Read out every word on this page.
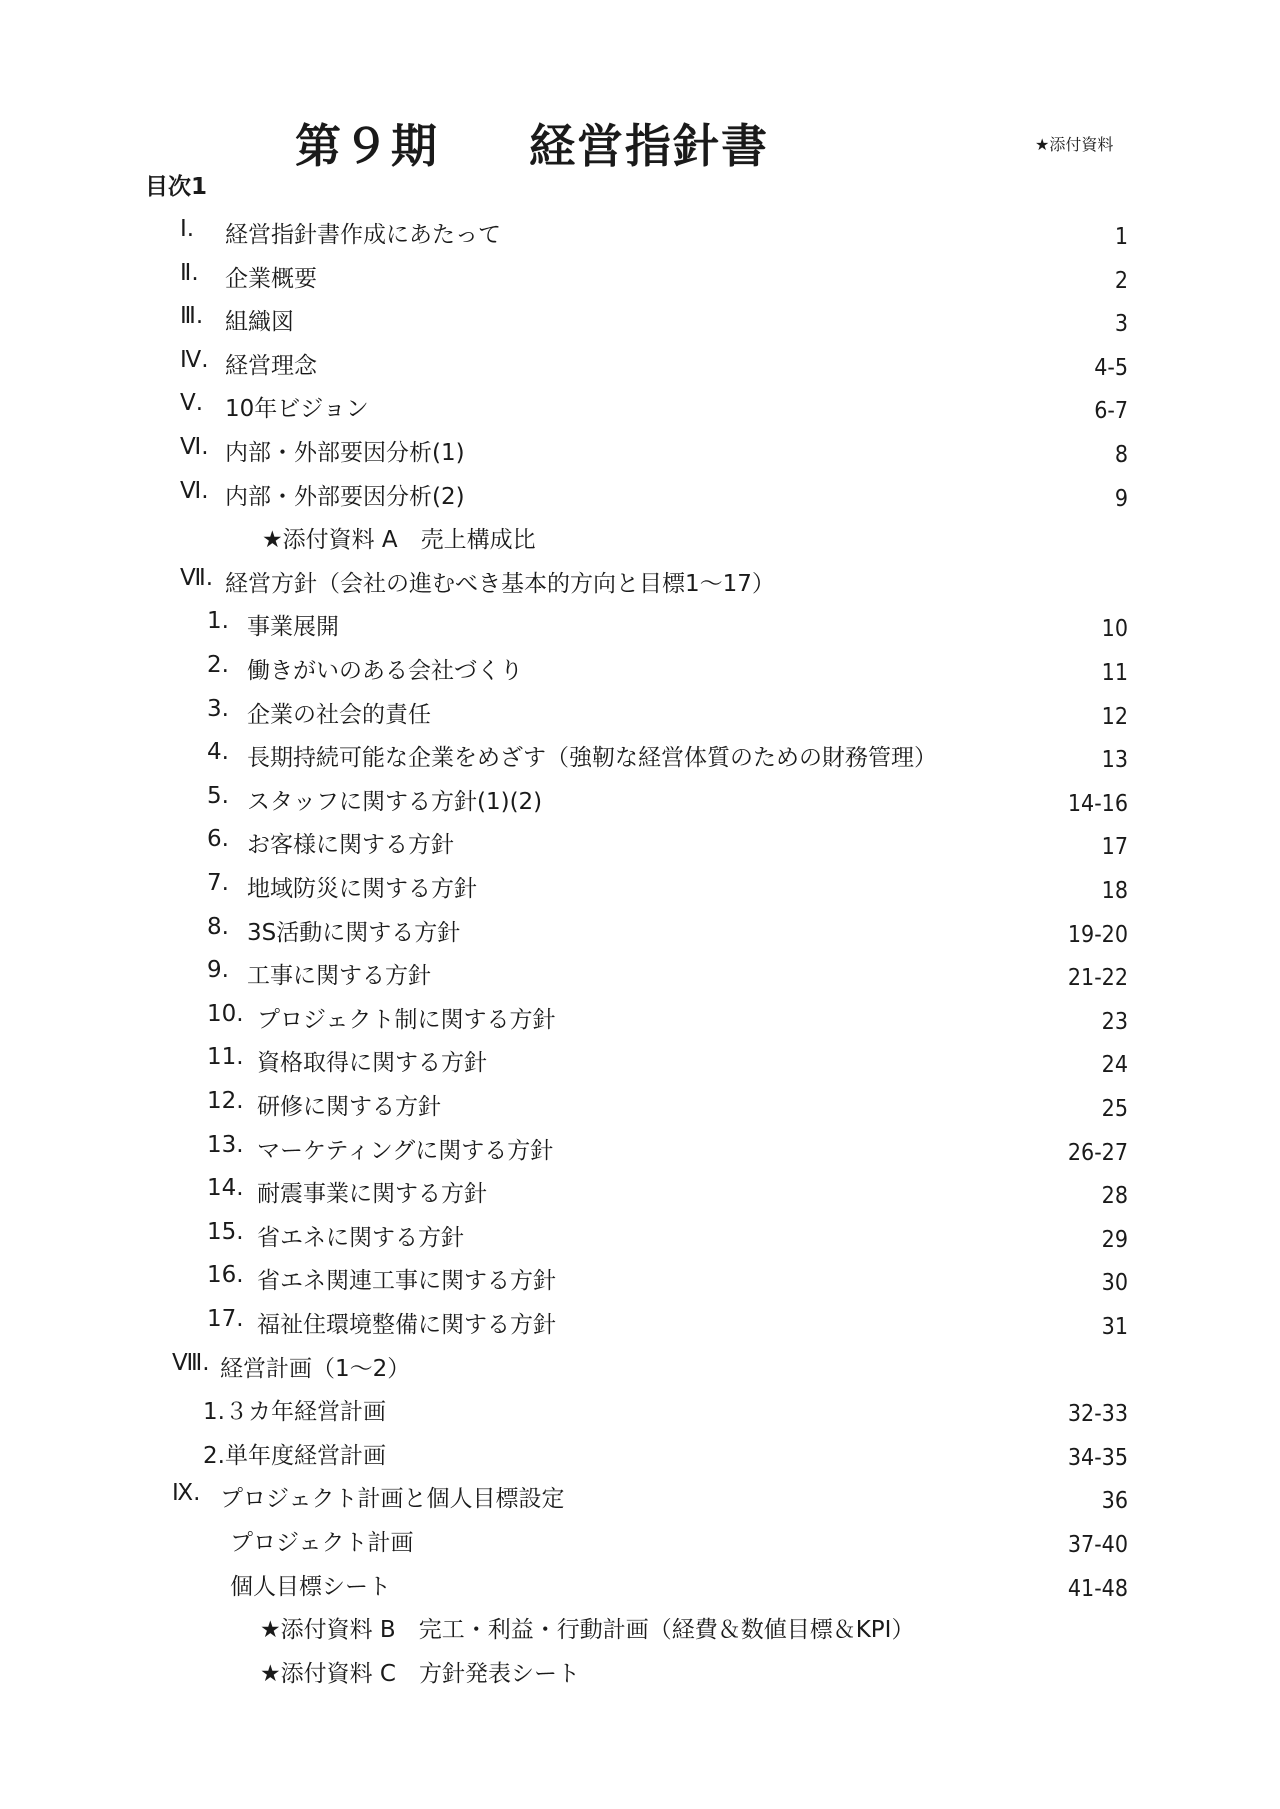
第９期 経営指針書	★添付資料
目次1
Ⅰ.	経営指針書作成にあたって	1
Ⅱ.	企業概要	2
Ⅲ. 組織図	3
Ⅳ. 経営理念	4-5
Ⅴ. 10年ビジョン	6-7
Ⅵ. 内部・外部要因分析(1)	8
Ⅵ. 内部・外部要因分析(2)	9
★添付資料 A　売上構成比
Ⅶ. 経営方針（会社の進むべき基本的方向と目標1～17）
1. 事業展開	10
2. 働きがいのある会社づくり	11
3. 企業の社会的責任	12
4. 長期持続可能な企業をめざす（強靭な経営体質のための財務管理）	13
5. スタッフに関する方針(1)(2)	14-16
6. お客様に関する方針	17
7. 地域防災に関する方針	18
8. 3S活動に関する方針	19-20
9. 工事に関する方針	21-22
10. プロジェクト制に関する方針	23
11. 資格取得に関する方針	24
12. 研修に関する方針	25
13. マーケティングに関する方針	26-27
14. 耐震事業に関する方針	28
15. 省エネに関する方針	29
16. 省エネ関連工事に関する方針	30
17. 福祉住環境整備に関する方針	31
Ⅷ. 経営計画（1～2）
1.３カ年経営計画	32-33
2.単年度経営計画	34-35
Ⅸ. プロジェクト計画と個人目標設定	36
プロジェクト計画	37-40
個人目標シート	41-48
★添付資料 B　完工・利益・行動計画（経費＆数値目標＆KPI）
★添付資料 C　方針発表シート
